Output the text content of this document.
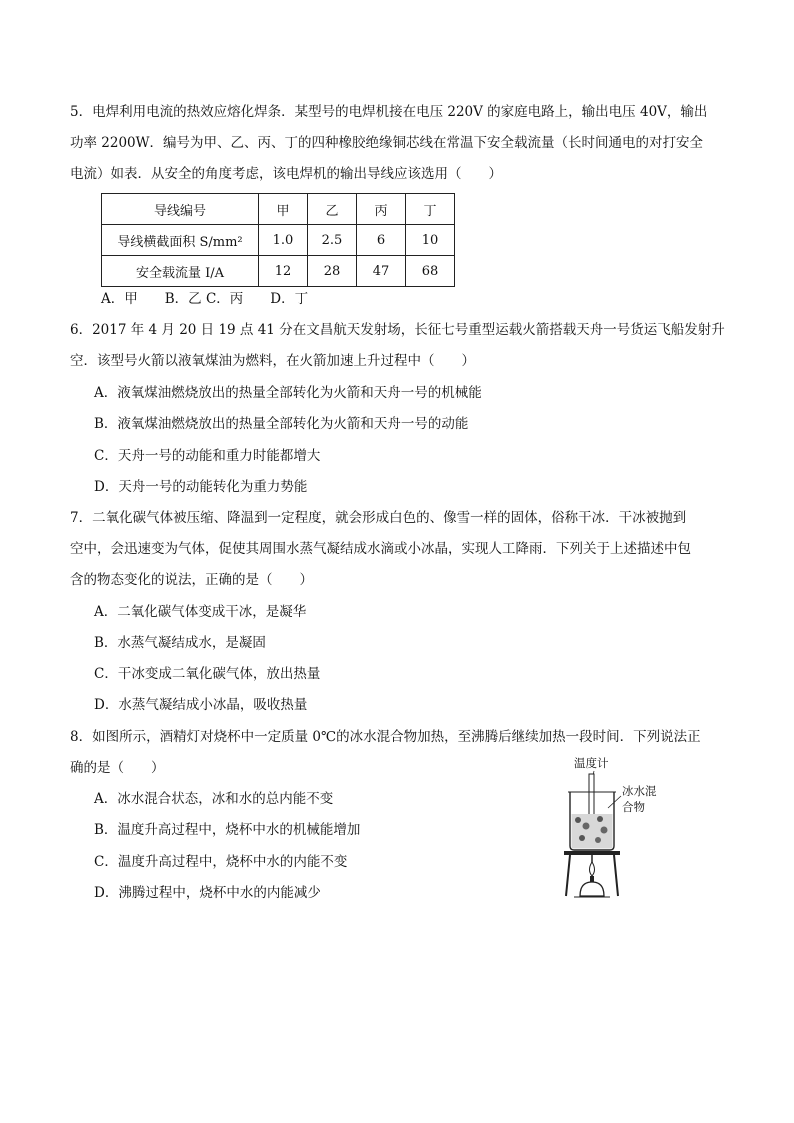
5．电焊利用电流的热效应熔化焊条．某型号的电焊机接在电压 220V 的家庭电路上，输出电压 40V，输出
功率 2200W．编号为甲、乙、丙、丁的四种橡胶绝缘铜芯线在常温下安全载流量（长时间通电的对打安全
电流）如表．从安全的角度考虑，该电焊机的输出导线应该选用（　　）
导线编号	甲	乙	丙	丁
导线横截面积 S/mm²	1.0	2.5	6	10
安全载流量 I/A	12	28	47	68
A．甲　　B．乙 C．丙　　D．丁
6．2017 年 4 月 20 日 19 点 41 分在文昌航天发射场，长征七号重型运载火箭搭载天舟一号货运飞船发射升
空．该型号火箭以液氧煤油为燃料，在火箭加速上升过程中（　　）
A．液氧煤油燃烧放出的热量全部转化为火箭和天舟一号的机械能
B．液氧煤油燃烧放出的热量全部转化为火箭和天舟一号的动能
C．天舟一号的动能和重力时能都增大
D．天舟一号的动能转化为重力势能
7．二氧化碳气体被压缩、降温到一定程度，就会形成白色的、像雪一样的固体，俗称干冰．干冰被抛到
空中，会迅速变为气体，促使其周围水蒸气凝结成水滴或小冰晶，实现人工降雨．下列关于上述描述中包
含的物态变化的说法，正确的是（　　）
A．二氧化碳气体变成干冰，是凝华
B．水蒸气凝结成水，是凝固
C．干冰变成二氧化碳气体，放出热量
D．水蒸气凝结成小冰晶，吸收热量
8．如图所示，酒精灯对烧杯中一定质量 0℃的冰水混合物加热，至沸腾后继续加热一段时间．下列说法正
确的是（　　）
A．冰水混合状态，冰和水的总内能不变
B．温度升高过程中，烧杯中水的机械能增加
C．温度升高过程中，烧杯中水的内能不变
D．沸腾过程中，烧杯中水的内能减少
温度计
冰水混
合物
